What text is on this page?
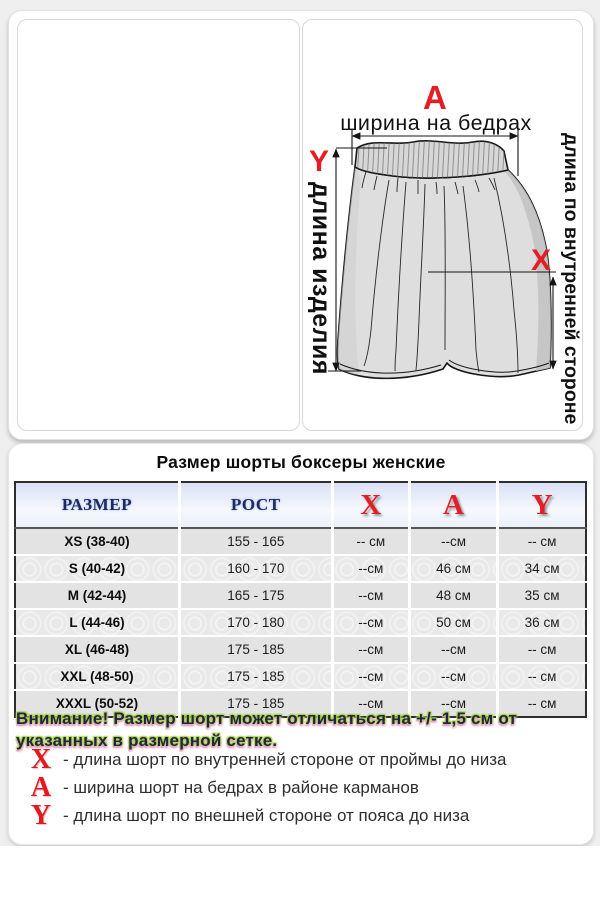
A
ширина на бедрах
Y
длина изделия	X длина по внутренней стороне
Размер шорты боксеры женские
РАЗМЕР	РОСТ	X	A	Y
XS (38-40)	155 - 165	-- см	--см	-- см
S (40-42)	160 - 170	--см	46 см	34 см
M (42-44)	165 - 175	--см	48 см	35 см
L (44-46)	170 - 180	--см	50 см	36 см
XL (46-48)	175 - 185	--см	--см	-- см
XXL (48-50)	175 - 185	--см	--см	-- см
XXXL (50-52)	175 - 185	--см	--см	-- см
Внимание! Размер шорт может отличаться на +/- 1,5 см от
указанных в размерной сетке.
X - длина шорт по внутренней стороне от проймы до низа
A - ширина шорт на бедрах в районе карманов
Y - длина шорт по внешней стороне от пояса до низа
